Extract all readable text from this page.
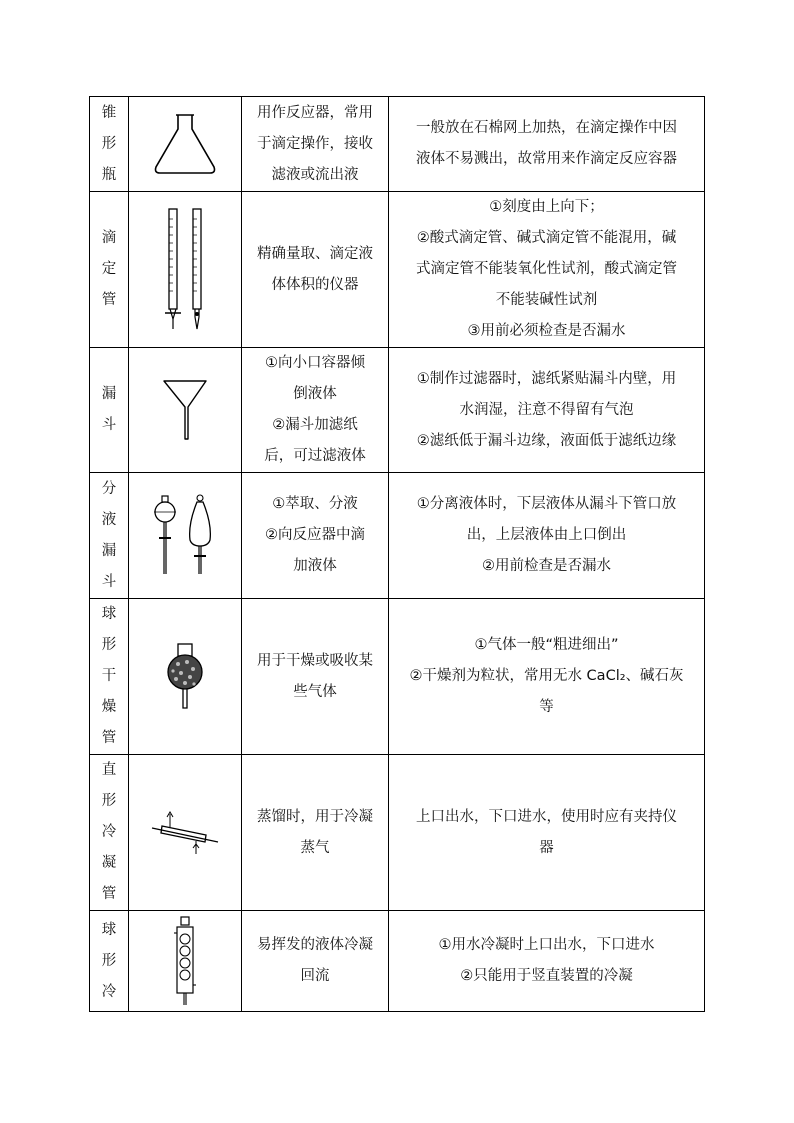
锥
形
瓶		用作反应器，常用
于滴定操作，接收
滤液或流出液	一般放在石棉网上加热，在滴定操作中因
液体不易溅出，故常用来作滴定反应容器

滴
定
管		精确量取、滴定液
体体积的仪器	①刻度由上向下；
②酸式滴定管、碱式滴定管不能混用，碱
式滴定管不能装氧化性试剂，酸式滴定管
不能装碱性试剂
③用前必须检查是否漏水

漏
斗		①向小口容器倾
倒液体
②漏斗加滤纸
后，可过滤液体	①制作过滤器时，滤纸紧贴漏斗内壁，用
水润湿，注意不得留有气泡
②滤纸低于漏斗边缘，液面低于滤纸边缘

分
液
漏
斗		①萃取、分液
②向反应器中滴
加液体	①分离液体时，下层液体从漏斗下管口放
出，上层液体由上口倒出
②用前检查是否漏水

球
形
干
燥
管		用于干燥或吸收某
些气体	①气体一般“粗进细出”
②干燥剂为粒状，常用无水 CaCl₂、碱石灰
等

直
形
冷
凝
管		蒸馏时，用于冷凝
蒸气	上口出水，下口进水，使用时应有夹持仪
器

球
形
冷		易挥发的液体冷凝
回流	①用水冷凝时上口出水，下口进水
②只能用于竖直装置的冷凝
